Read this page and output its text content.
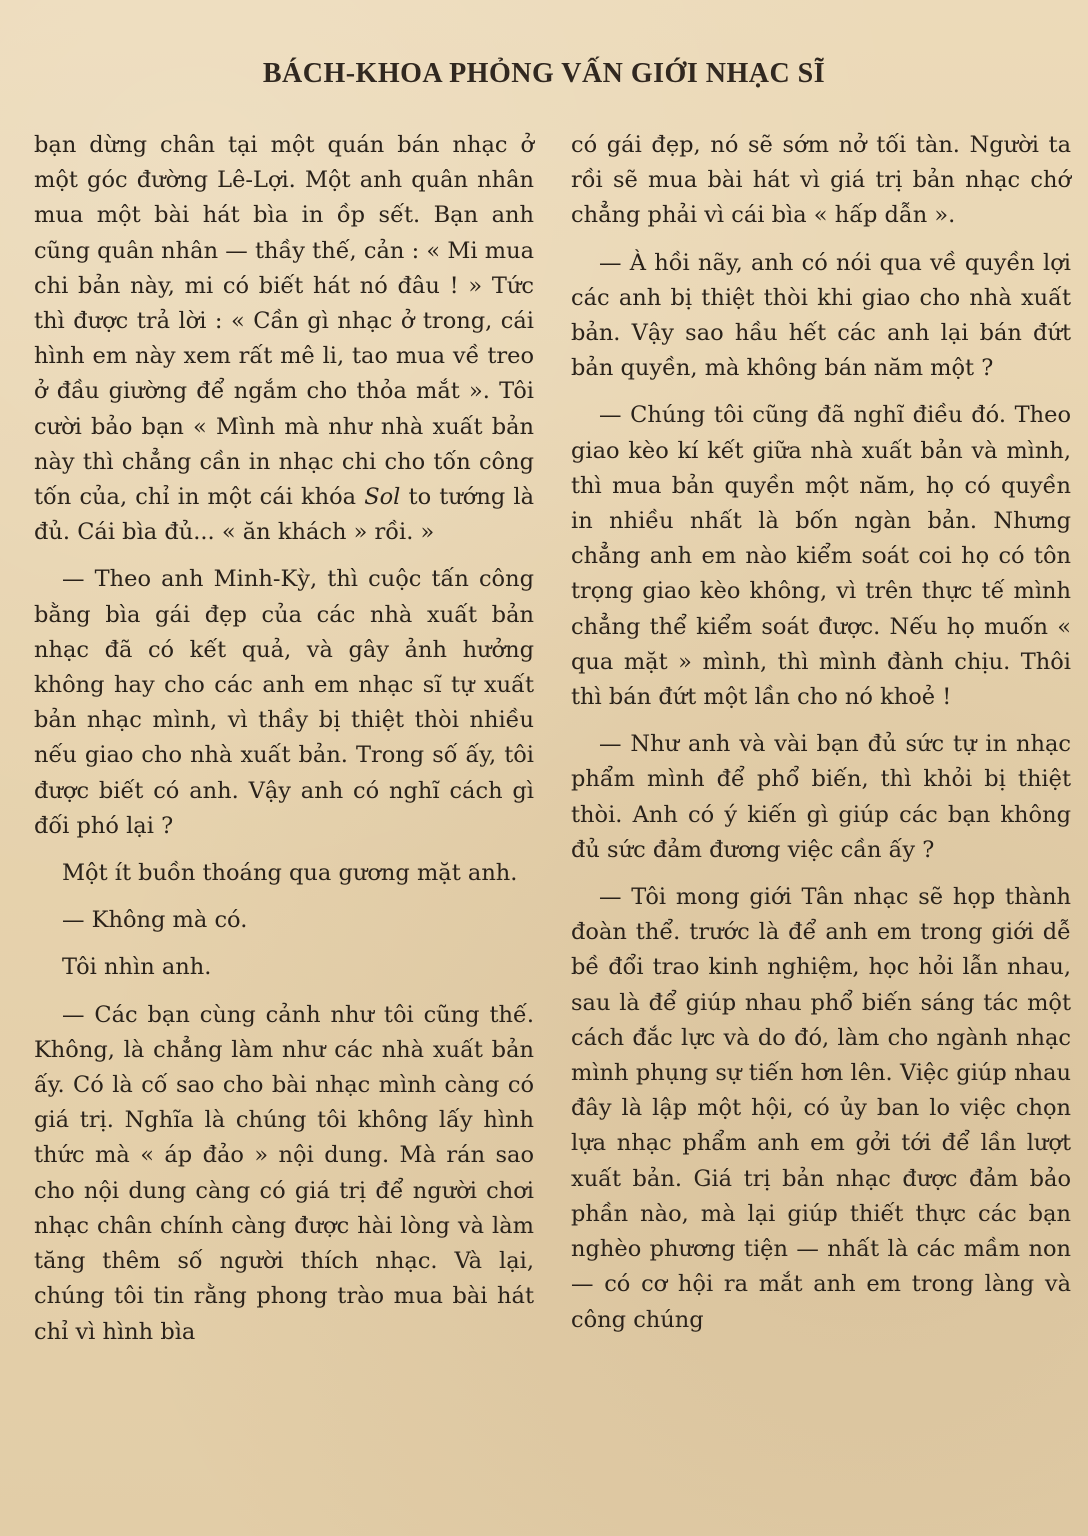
BÁCH-KHOA PHỎNG VẤN GIỚI NHẠC SĨ

bạn dừng chân tại một quán bán nhạc ở một góc đường Lê-Lợi. Một anh quân nhân mua một bài hát bìa in ồp sết. Bạn anh cũng quân nhân — thầy thế, cản : « Mi mua chi bản này, mi có biết hát nó đâu ! » Tức thì được trả lời : « Cần gì nhạc ở trong, cái hình em này xem rất mê li, tao mua về treo ở đầu giường để ngắm cho thỏa mắt ». Tôi cười bảo bạn « Mình mà như nhà xuất bản này thì chẳng cần in nhạc chi cho tốn công tốn của, chỉ in một cái khóa Sol to tướng là đủ. Cái bìa đủ... « ăn khách » rồi. »

— Theo anh Minh-Kỳ, thì cuộc tấn công bằng bìa gái đẹp của các nhà xuất bản nhạc đã có kết quả, và gây ảnh hưởng không hay cho các anh em nhạc sĩ tự xuất bản nhạc mình, vì thầy bị thiệt thòi nhiều nếu giao cho nhà xuất bản. Trong số ấy, tôi được biết có anh. Vậy anh có nghĩ cách gì đối phó lại ?

Một ít buồn thoáng qua gương mặt anh.

— Không mà có.

Tôi nhìn anh.

— Các bạn cùng cảnh như tôi cũng thế. Không, là chẳng làm như các nhà xuất bản ấy. Có là cố sao cho bài nhạc mình càng có giá trị. Nghĩa là chúng tôi không lấy hình thức mà « áp đảo » nội dung. Mà rán sao cho nội dung càng có giá trị để người chơi nhạc chân chính càng được hài lòng và làm tăng thêm số người thích nhạc. Và lại, chúng tôi tin rằng phong trào mua bài hát chỉ vì hình bìa

có gái đẹp, nó sẽ sớm nở tối tàn. Người ta rồi sẽ mua bài hát vì giá trị bản nhạc chớ chẳng phải vì cái bìa « hấp dẫn ».

— À hồi nãy, anh có nói qua về quyền lợi các anh bị thiệt thòi khi giao cho nhà xuất bản. Vậy sao hầu hết các anh lại bán đứt bản quyền, mà không bán năm một ?

— Chúng tôi cũng đã nghĩ điều đó. Theo giao kèo kí kết giữa nhà xuất bản và mình, thì mua bản quyền một năm, họ có quyền in nhiều nhất là bốn ngàn bản. Nhưng chẳng anh em nào kiểm soát coi họ có tôn trọng giao kèo không, vì trên thực tế mình chẳng thể kiểm soát được. Nếu họ muốn « qua mặt » mình, thì mình đành chịu. Thôi thì bán đứt một lần cho nó khoẻ !

— Như anh và vài bạn đủ sức tự in nhạc phẩm mình để phổ biến, thì khỏi bị thiệt thòi. Anh có ý kiến gì giúp các bạn không đủ sức đảm đương việc cần ấy ?

— Tôi mong giới Tân nhạc sẽ họp thành đoàn thể. trước là để anh em trong giới dễ bề đổi trao kinh nghiệm, học hỏi lẫn nhau, sau là để giúp nhau phổ biến sáng tác một cách đắc lực và do đó, làm cho ngành nhạc mình phụng sự tiến hơn lên. Việc giúp nhau đây là lập một hội, có ủy ban lo việc chọn lựa nhạc phẩm anh em gởi tới để lần lượt xuất bản. Giá trị bản nhạc được đảm bảo phần nào, mà lại giúp thiết thực các bạn nghèo phương tiện — nhất là các mầm non — có cơ hội ra mắt anh em trong làng và công chúng
